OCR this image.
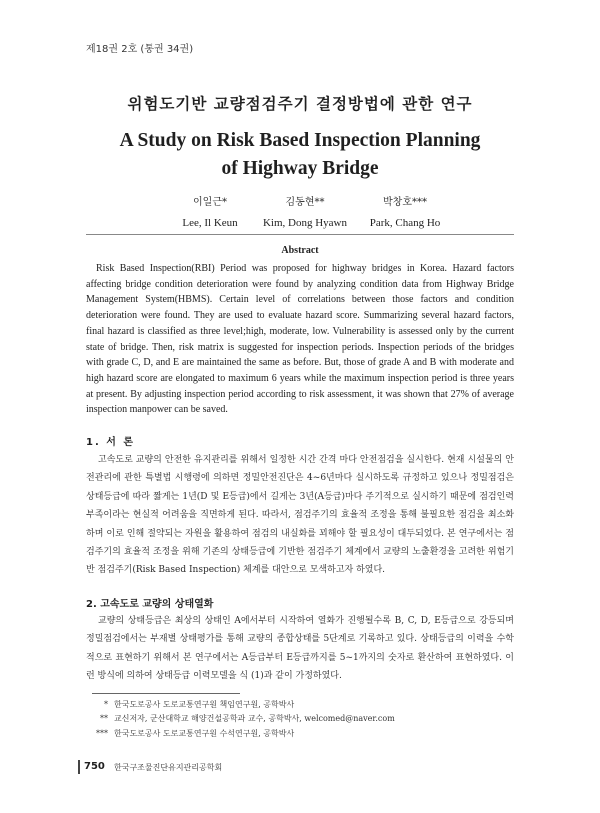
제18권 2호 (통권 34권)
위험도기반 교량점검주기 결정방법에 관한 연구
A Study on Risk Based Inspection Planning
of Highway Bridge
이일근*
Lee, Il Keun
김동현**
Kim, Dong Hyawn
박창호***
Park, Chang Ho
Abstract

Risk Based Inspection(RBI) Period was proposed for highway bridges in Korea. Hazard factors affecting bridge condition deterioration were found by analyzing condition data from Highway Bridge Management System(HBMS). Certain level of correlations between those factors and condition deterioration were found. They are used to evaluate hazard score. Summarizing several hazard factors, final hazard is classified as three level;high, moderate, low. Vulnerability is assessed only by the current state of bridge. Then, risk matrix is suggested for inspection periods. Inspection periods of the bridges with grade C, D, and E are maintained the same as before. But, those of grade A and B with moderate and high hazard score are elongated to maximum 6 years while the maximum inspection period is three years at present. By adjusting inspection period according to risk assessment, it was shown that 27% of average inspection manpower can be saved.

1. 서 론

고속도로 교량의 안전한 유지관리를 위해서 일정한 시간 간격 마다 안전점검을 실시한다. 현재 시설물의 안전관리에 관한 특별법 시행령에 의하면 정밀안전진단은 4~6년마다 실시하도록 규정하고 있으나 정밀점검은 상태등급에 따라 짧게는 1년(D 및 E등급)에서 길게는 3년(A등급)마다 주기적으로 실시하기 때문에 점검인력부족이라는 현실적 어려움을 직면하게 된다. 따라서, 점검주기의 효율적 조정을 통해 불필요한 점검을 최소화하며 이로 인해 절약되는 자원을 활용하여 점검의 내실화를 꾀해야 할 필요성이 대두되었다. 본 연구에서는 점검주기의 효율적 조정을 위해 기존의 상태등급에 기반한 점검주기 체계에서 교량의 노출환경을 고려한 위험기반 점검주기(Risk Based Inspection) 체계를 대안으로 모색하고자 하였다.

2. 고속도로 교량의 상태열화

교량의 상태등급은 최상의 상태인 A에서부터 시작하여 열화가 진행될수록 B, C, D, E등급으로 강등되며 정밀점검에서는 부재별 상태평가를 통해 교량의 종합상태를 5단계로 기록하고 있다. 상태등급의 이력을 수학적으로 표현하기 위해서 본 연구에서는 A등급부터 E등급까지를 5~1까지의 숫자로 환산하여 표현하였다. 이런 방식에 의하여 상태등급 이력모델을 식 (1)과 같이 가정하였다.

* 한국도로공사 도로교통연구원 책임연구원, 공학박사
** 교신저자, 군산대학교 해양건설공학과 교수, 공학박사, welcomed@naver.com
*** 한국도로공사 도로교통연구원 수석연구원, 공학박사
750 한국구조물진단유지관리공학회
